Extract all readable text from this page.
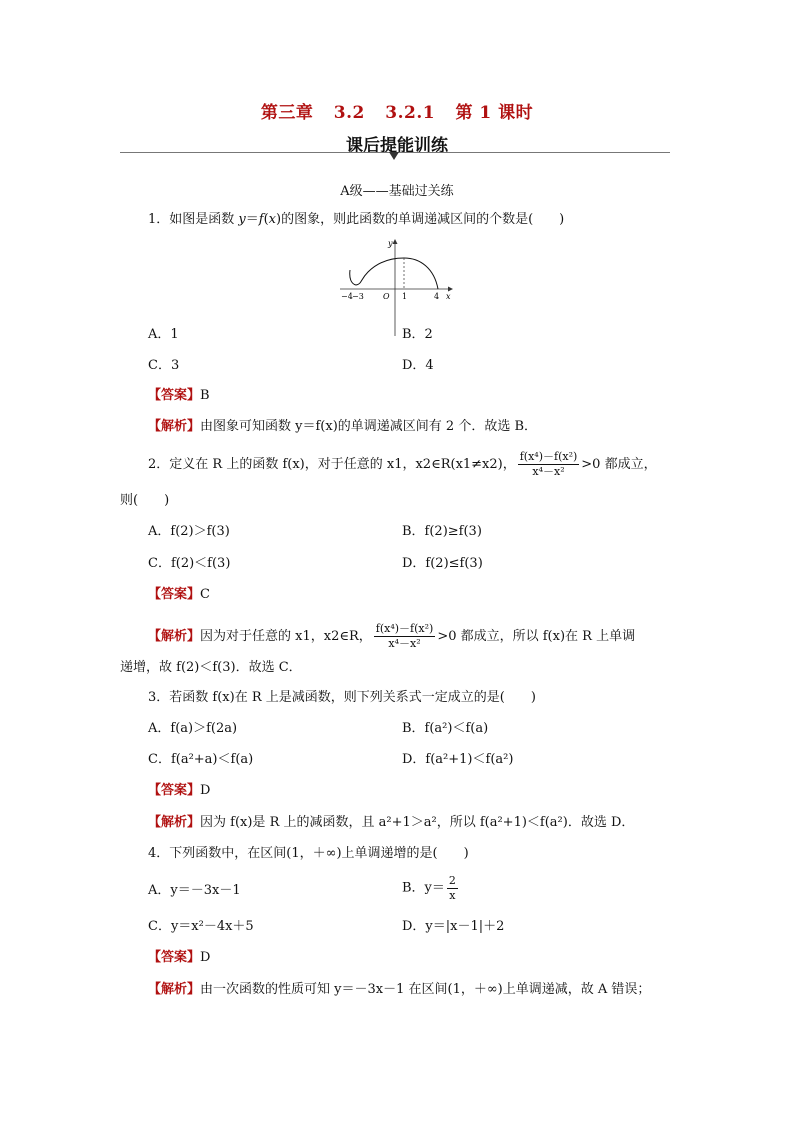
第三章 3.2 3.2.1 第 1 课时
课后提能训练
A级——基础过关练
1．如图是函数 y＝f(x)的图象，则此函数的单调递减区间的个数是(　　)
y
x
O
−4 −3	1	4
A．1	B．2
C．3	D．4
【答案】B
【解析】由图象可知函数 y＝f(x)的单调递减区间有 2 个．故选 B．
2．定义在 R 上的函数 f(x)，对于任意的 x1，x2∈R(x1≠x2)， $\frac{\text{f(x⁴)－f(x²)}}{\text{x⁴－x²}} >0$ 都成立，
则(　　)
A．f(2)＞f(3)	B．f(2)≥f(3)
C．f(2)＜f(3)	D．f(2)≤f(3)
【答案】C
【解析】因为对于任意的 x1，x2∈R， $\frac{\text{f(x⁴)－f(x²)}}{\text{x⁴－x²}} >0$ 都成立，所以 f(x)在 R 上单调
递增，故 f(2)＜f(3)．故选 C．
3．若函数 f(x)在 R 上是减函数，则下列关系式一定成立的是(　　)
A．f(a)＞f(2a)	B．f(a²)＜f(a)
C．f(a²+a)＜f(a)	D．f(a²+1)＜f(a²)
【答案】D
【解析】因为 f(x)是 R 上的减函数，且 a²+1＞a²，所以 f(a²+1)＜f(a²)．故选 D．
4．下列函数中，在区间(1，＋∞)上单调递增的是(　　)
A．y＝－3x－1	B．$y= \frac{2}{x}$
C．y＝x²－4x＋5	D．y＝|x－1|＋2
【答案】D
【解析】由一次函数的性质可知 y＝－3x－1 在区间(1，＋∞)上单调递减，故 A 错误；
